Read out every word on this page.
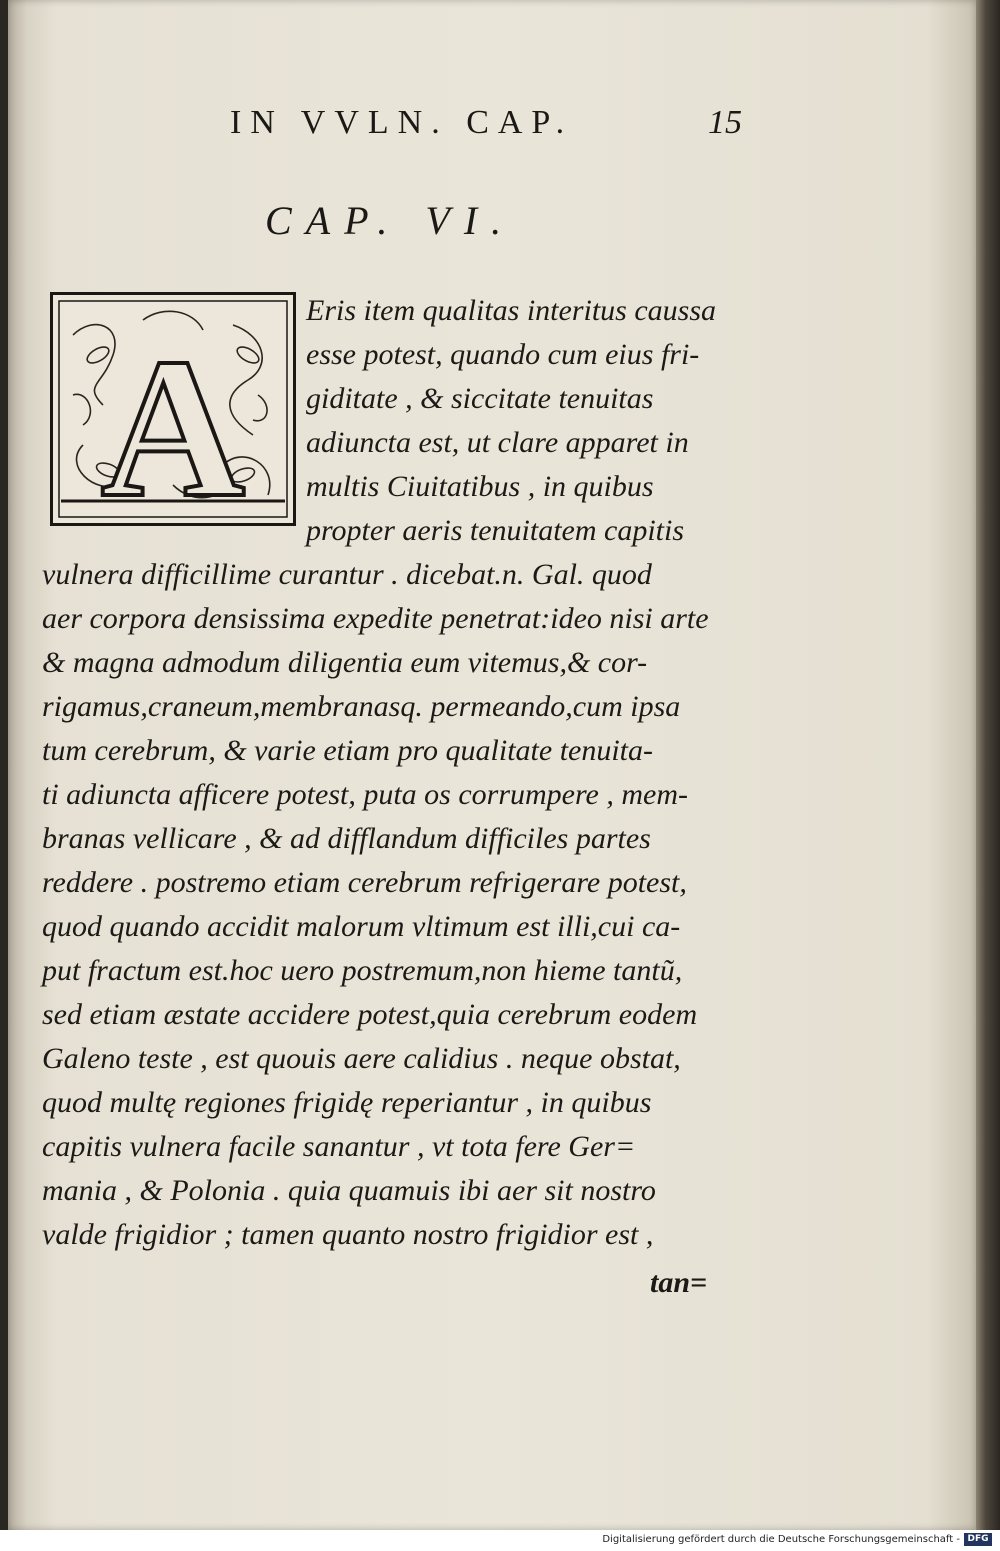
IN VVLN. CAP.	15
CAP. VI.
A
Eris item qualitas interitus caussa
esse potest, quando cum eius fri-
giditate , & siccitate tenuitas
adiuncta est, ut clare apparet in
multis Ciuitatibus , in quibus
propter aeris tenuitatem capitis
vulnera difficillime curantur . dicebat.n. Gal. quod
aer corpora densissima expedite penetrat:ideo nisi arte
& magna admodum diligentia eum vitemus,& cor-
rigamus,craneum,membranasq. permeando,cum ipsa
tum cerebrum, & varie etiam pro qualitate tenuita-
ti adiuncta afficere potest, puta os corrumpere , mem-
branas vellicare , & ad difflandum difficiles partes
reddere . postremo etiam cerebrum refrigerare potest,
quod quando accidit malorum vltimum est illi,cui ca-
put fractum est.hoc uero postremum,non hieme tantũ,
sed etiam æstate accidere potest,quia cerebrum eodem
Galeno teste , est quouis aere calidius . neque obstat,
quod multę regiones frigidę reperiantur , in quibus
capitis vulnera facile sanantur , vt tota fere Ger=
mania , & Polonia . quia quamuis ibi aer sit nostro
valde frigidior ; tamen quanto nostro frigidior est ,
tan=
Digitalisierung gefördert durch die Deutsche Forschungsgemeinschaft - DFG
